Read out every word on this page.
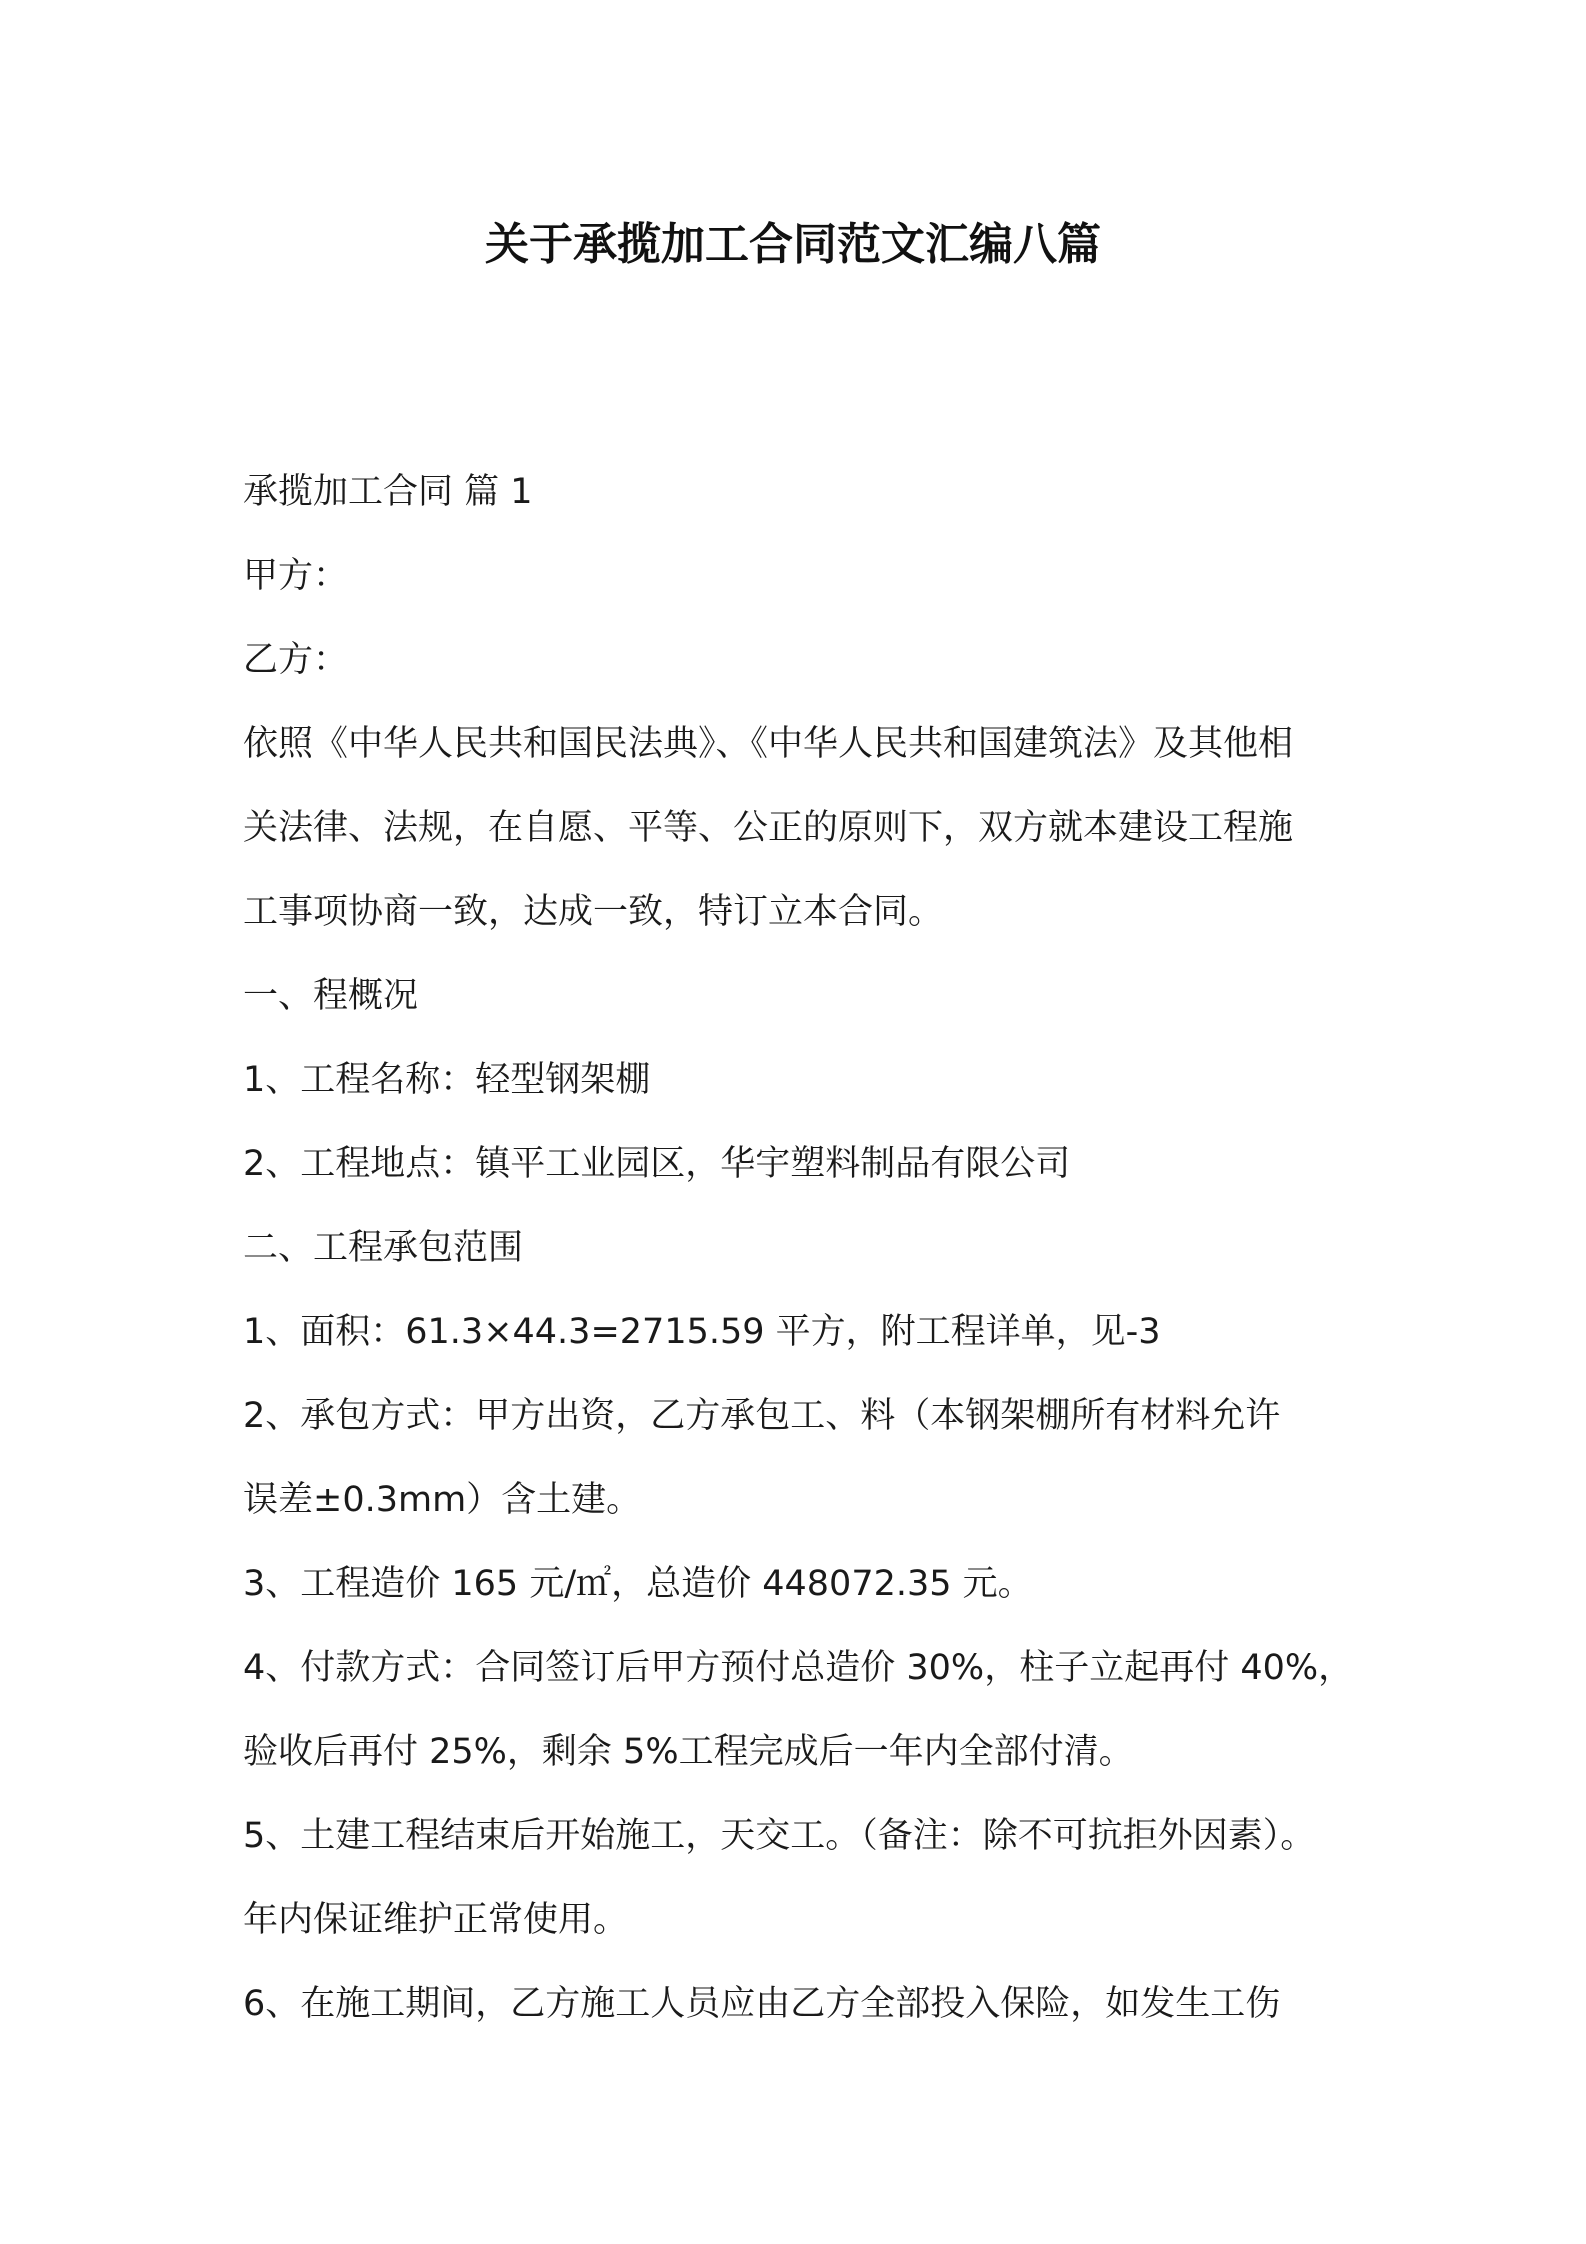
关于承揽加工合同范文汇编八篇

承揽加工合同 篇 1

甲方：

乙方：

依照《中华人民共和国民法典》、《中华人民共和国建筑法》及其他相

关法律、法规，在自愿、平等、公正的原则下，双方就本建设工程施

工事项协商一致，达成一致，特订立本合同。

一、程概况

1、工程名称：轻型钢架棚

2、工程地点：镇平工业园区，华宇塑料制品有限公司

二、工程承包范围

1、面积：61.3×44.3=2715.59 平方，附工程详单，见-3

2、承包方式：甲方出资，乙方承包工、料（本钢架棚所有材料允许

误差±0.3mm）含土建。

3、工程造价 165 元/㎡，总造价 448072.35 元。

4、付款方式：合同签订后甲方预付总造价 30%，柱子立起再付 40%，

验收后再付 25%，剩余 5%工程完成后一年内全部付清。

5、土建工程结束后开始施工，天交工。（备注：除不可抗拒外因素）。

年内保证维护正常使用。

6、在施工期间，乙方施工人员应由乙方全部投入保险，如发生工伤
